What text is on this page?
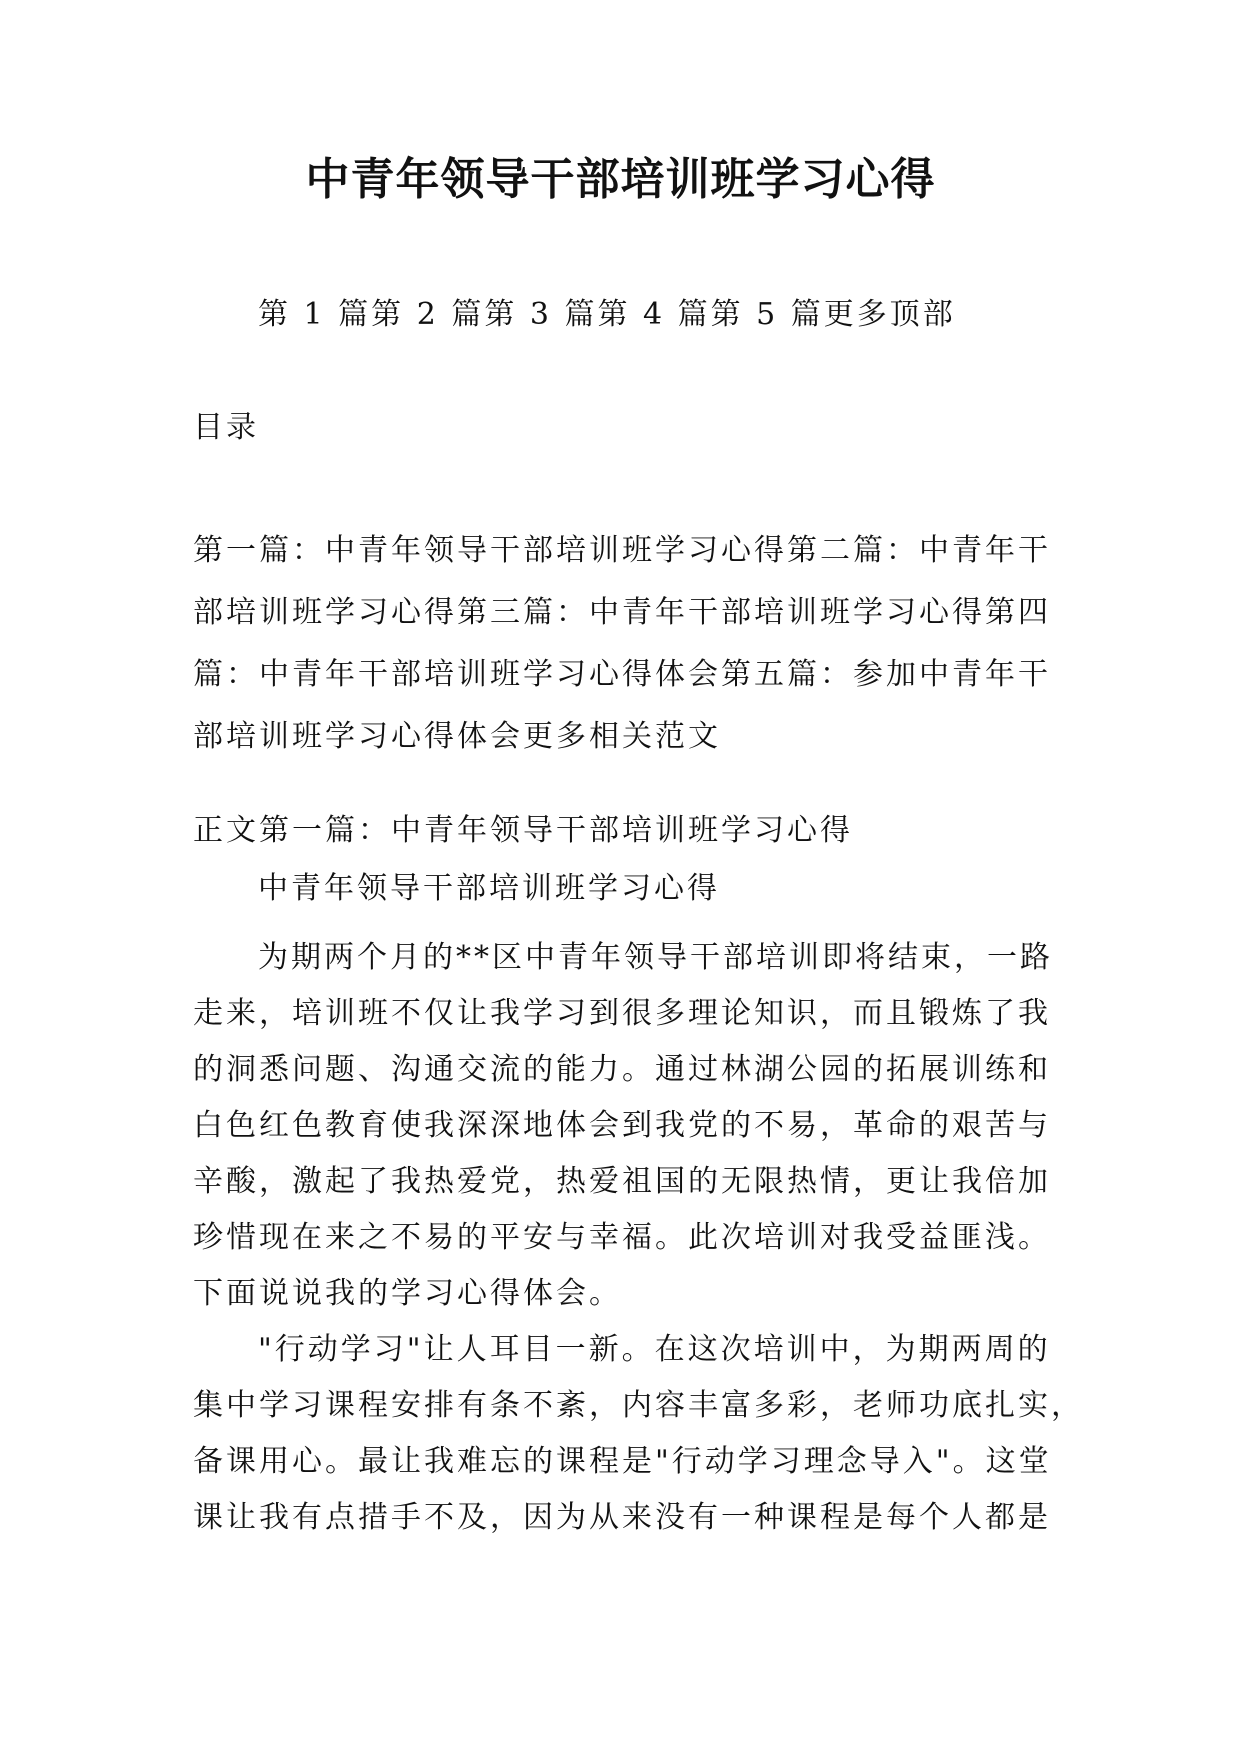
中青年领导干部培训班学习心得
第 1 篇第 2 篇第 3 篇第 4 篇第 5 篇更多顶部
目录
第一篇：中青年领导干部培训班学习心得第二篇：中青年干
部培训班学习心得第三篇：中青年干部培训班学习心得第四
篇：中青年干部培训班学习心得体会第五篇：参加中青年干
部培训班学习心得体会更多相关范文
正文第一篇：中青年领导干部培训班学习心得
中青年领导干部培训班学习心得
为期两个月的**区中青年领导干部培训即将结束，一路
走来，培训班不仅让我学习到很多理论知识，而且锻炼了我
的洞悉问题、沟通交流的能力。通过林湖公园的拓展训练和
白色红色教育使我深深地体会到我党的不易，革命的艰苦与
辛酸，激起了我热爱党，热爱祖国的无限热情，更让我倍加
珍惜现在来之不易的平安与幸福。此次培训对我受益匪浅。
下面说说我的学习心得体会。
"行动学习"让人耳目一新。在这次培训中，为期两周的
集中学习课程安排有条不紊，内容丰富多彩，老师功底扎实，
备课用心。最让我难忘的课程是"行动学习理念导入"。这堂
课让我有点措手不及，因为从来没有一种课程是每个人都是
